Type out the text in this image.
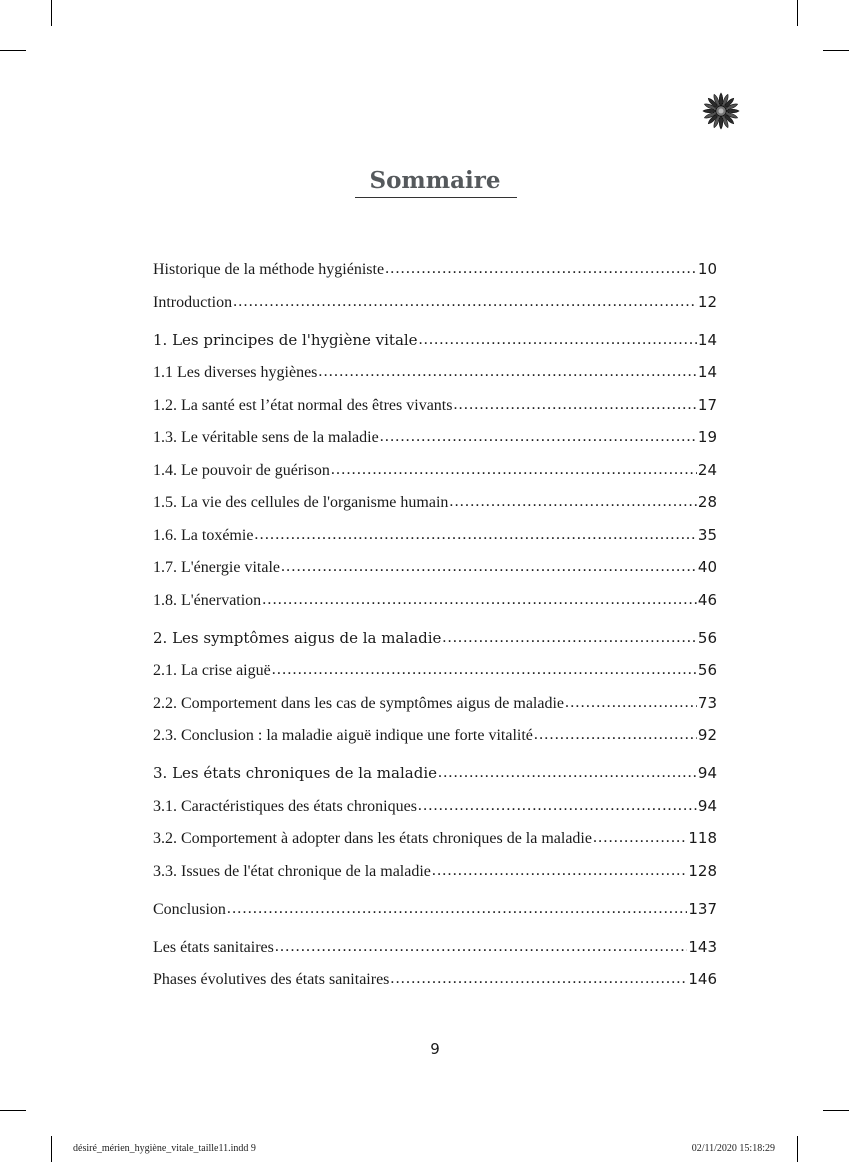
Sommaire
Historique de la méthode hygiéniste .....	10
Introduction .....	12
1. Les principes de l'hygiène vitale .....	14
1.1 Les diverses hygiènes .....	14
1.2. La santé est l’état normal des êtres vivants .....	17
1.3. Le véritable sens de la maladie .....	19
1.4. Le pouvoir de guérison .....	24
1.5. La vie des cellules de l'organisme humain .....	28
1.6. La toxémie .....	35
1.7. L'énergie vitale .....	40
1.8. L'énervation .....	46
2. Les symptômes aigus de la maladie .....	56
2.1. La crise aiguë .....	56
2.2. Comportement dans les cas de symptômes aigus de maladie .....	73
2.3. Conclusion : la maladie aiguë indique une forte vitalité .....	92
3. Les états chroniques de la maladie .....	94
3.1. Caractéristiques des états chroniques .....	94
3.2. Comportement à adopter dans les états chroniques de la maladie .....	118
3.3. Issues de l'état chronique de la maladie .....	128
Conclusion .....	137
Les états sanitaires .....	143
Phases évolutives des états sanitaires .....	146
9
désiré_mérien_hygiène_vitale_taille11.indd 9	02/11/2020 15:18:29
